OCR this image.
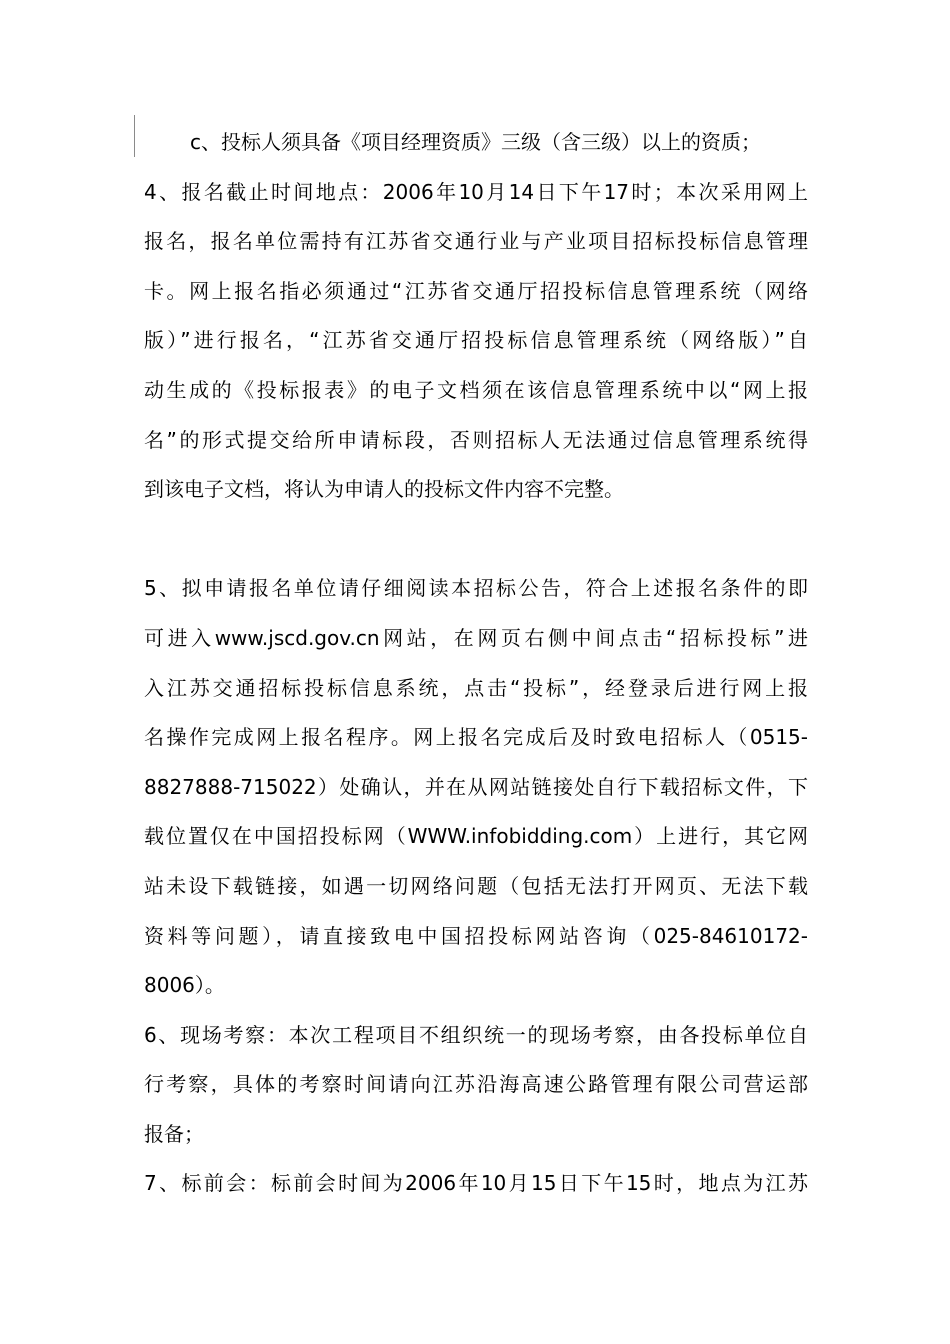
c、投标人须具备《项目经理资质》三级（含三级）以上的资质；
4、报名截止时间地点：2006年10月14日下午17时；本次采用网上
报名，报名单位需持有江苏省交通行业与产业项目招标投标信息管理
卡。网上报名指必须通过“江苏省交通厅招投标信息管理系统（网络
版）”进行报名，“江苏省交通厅招投标信息管理系统（网络版）”自
动生成的《投标报表》的电子文档须在该信息管理系统中以“网上报
名”的形式提交给所申请标段，否则招标人无法通过信息管理系统得
到该电子文档，将认为申请人的投标文件内容不完整。
5、拟申请报名单位请仔细阅读本招标公告，符合上述报名条件的即
可进入www.jscd.gov.cn网站，在网页右侧中间点击“招标投标”进
入江苏交通招标投标信息系统，点击“投标”，经登录后进行网上报
名操作完成网上报名程序。网上报名完成后及时致电招标人（0515-
8827888-715022）处确认，并在从网站链接处自行下载招标文件，下
载位置仅在中国招投标网（WWW.infobidding.com）上进行，其它网
站未设下载链接，如遇一切网络问题（包括无法打开网页、无法下载
资料等问题），请直接致电中国招投标网站咨询（025-84610172-
8006）。
6、现场考察：本次工程项目不组织统一的现场考察，由各投标单位自
行考察，具体的考察时间请向江苏沿海高速公路管理有限公司营运部
报备；
7、标前会：标前会时间为2006年10月15日下午15时，地点为江苏
